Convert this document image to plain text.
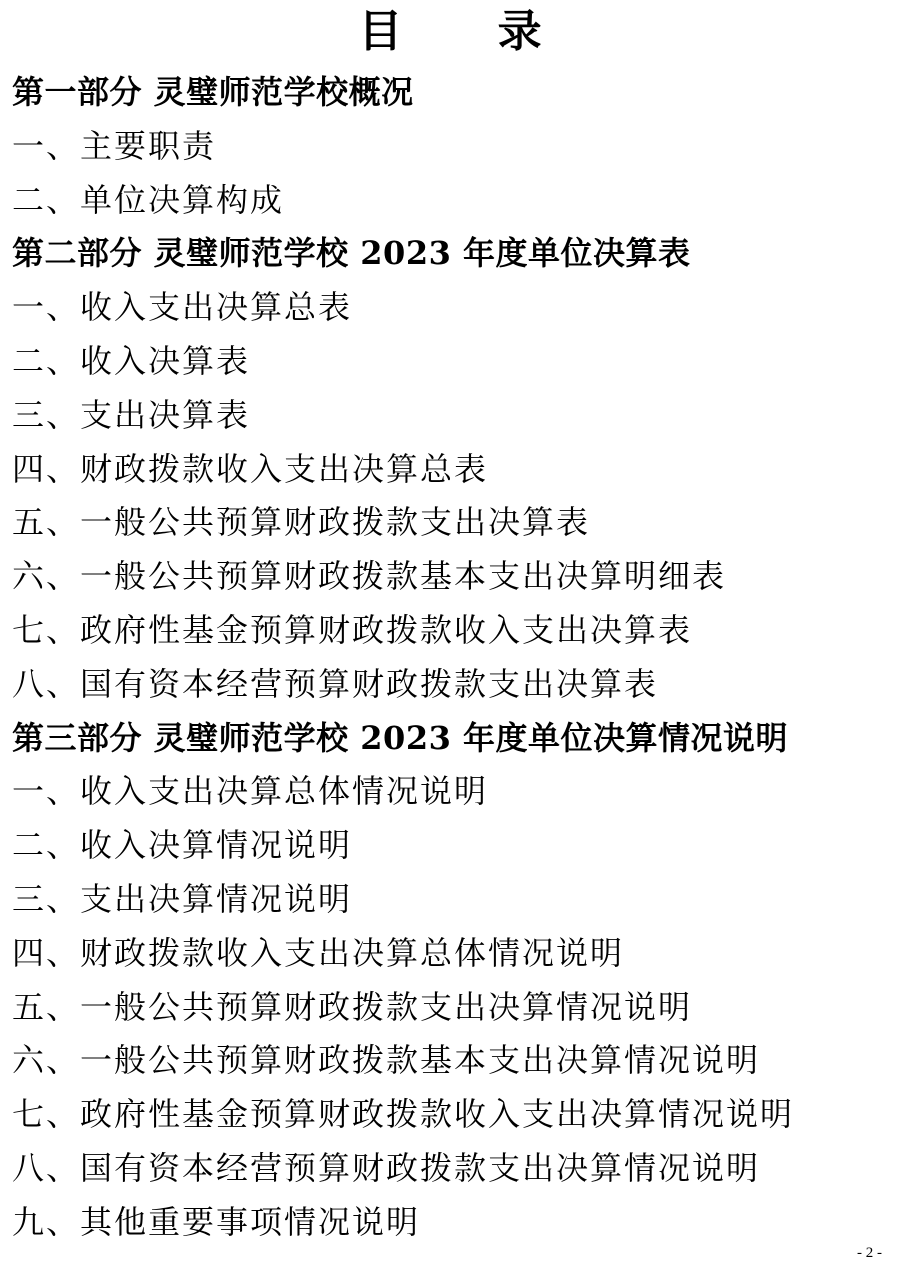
目 录
第一部分 灵璧师范学校概况
一、主要职责
二、单位决算构成
第二部分 灵璧师范学校 2023 年度单位决算表
一、收入支出决算总表
二、收入决算表
三、支出决算表
四、财政拨款收入支出决算总表
五、一般公共预算财政拨款支出决算表
六、一般公共预算财政拨款基本支出决算明细表
七、政府性基金预算财政拨款收入支出决算表
八、国有资本经营预算财政拨款支出决算表
第三部分 灵璧师范学校 2023 年度单位决算情况说明
一、收入支出决算总体情况说明
二、收入决算情况说明
三、支出决算情况说明
四、财政拨款收入支出决算总体情况说明
五、一般公共预算财政拨款支出决算情况说明
六、一般公共预算财政拨款基本支出决算情况说明
七、政府性基金预算财政拨款收入支出决算情况说明
八、国有资本经营预算财政拨款支出决算情况说明
九、其他重要事项情况说明
- 2 -
